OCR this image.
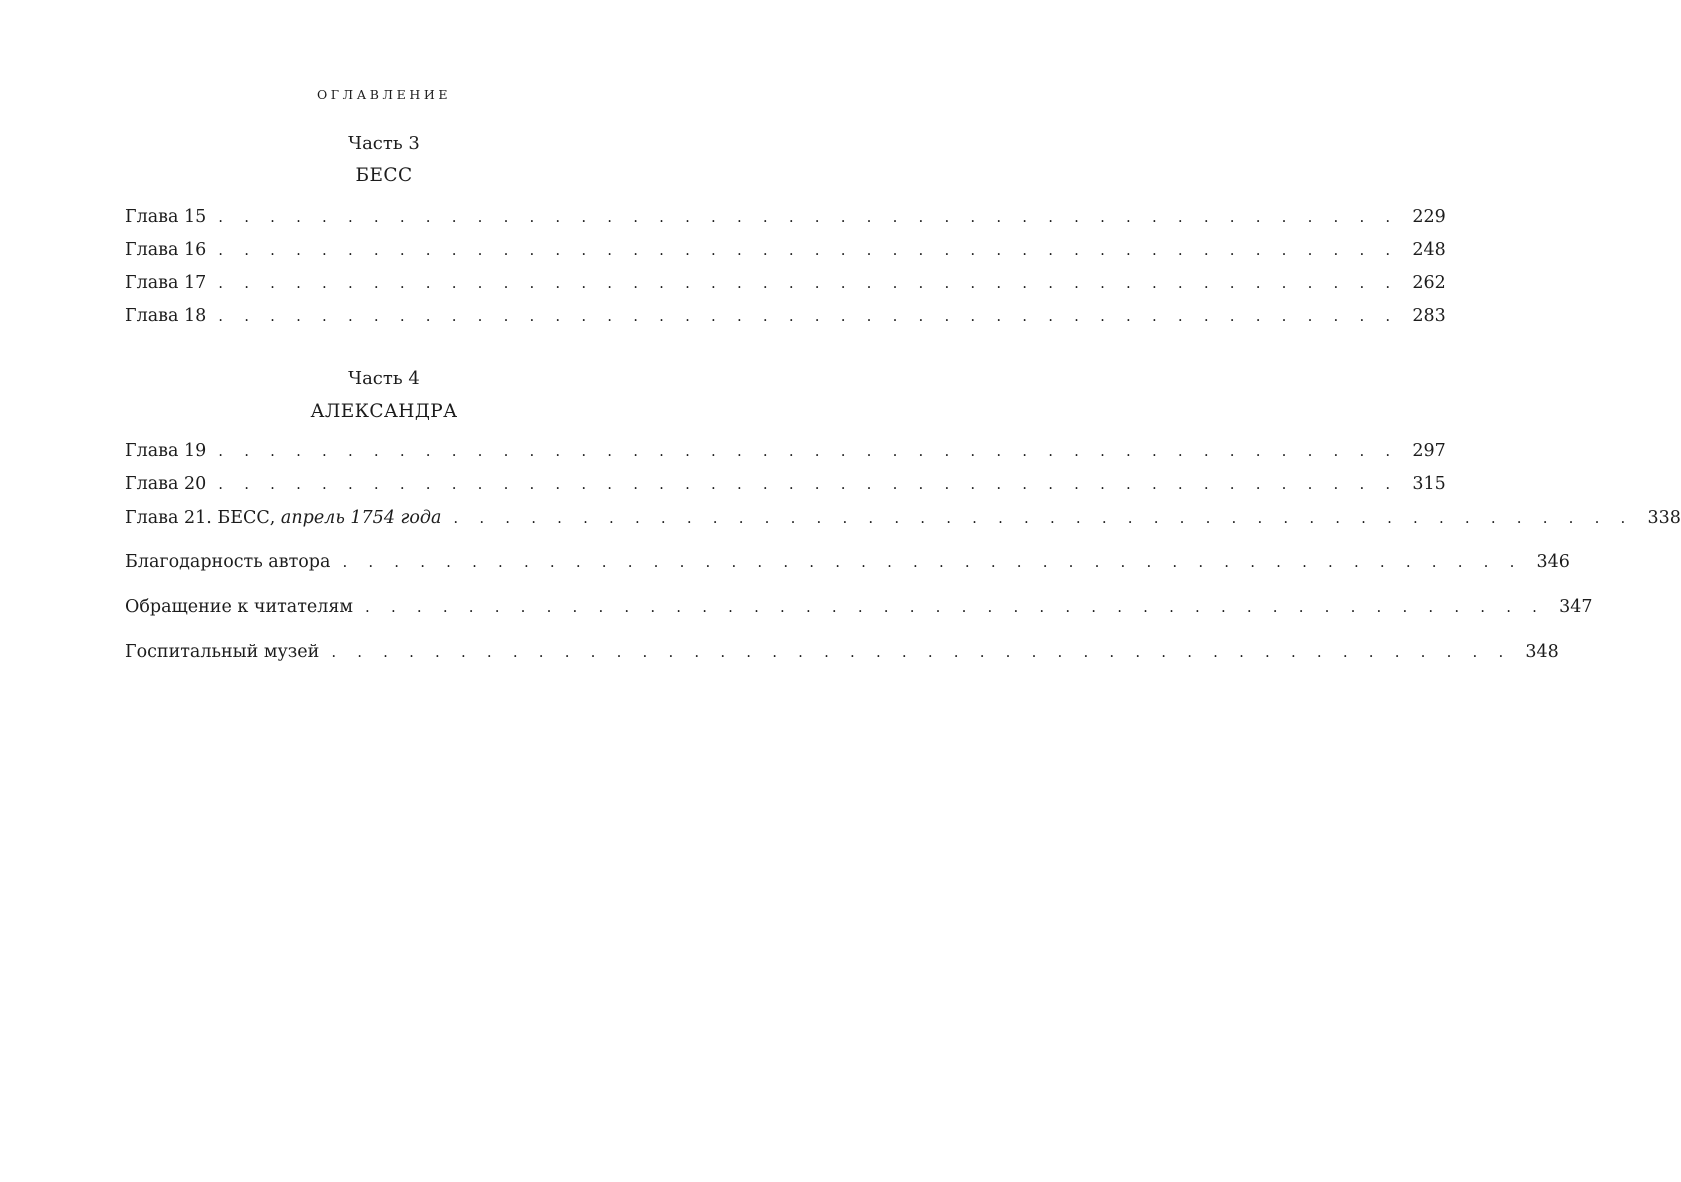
ОГЛАВЛЕНИЕ
Часть 3
БЕСС
Глава 15 . . . . . . . . . . . . . . . . . . . . . . . . . . . . . . . . . . . . . . . . . . . . . . 229
Глава 16 . . . . . . . . . . . . . . . . . . . . . . . . . . . . . . . . . . . . . . . . . . . . . . 248
Глава 17 . . . . . . . . . . . . . . . . . . . . . . . . . . . . . . . . . . . . . . . . . . . . . . 262
Глава 18 . . . . . . . . . . . . . . . . . . . . . . . . . . . . . . . . . . . . . . . . . . . . . . 283
Часть 4
АЛЕКСАНДРА
Глава 19 . . . . . . . . . . . . . . . . . . . . . . . . . . . . . . . . . . . . . . . . . . . . . . 297
Глава 20 . . . . . . . . . . . . . . . . . . . . . . . . . . . . . . . . . . . . . . . . . . . . . . 315
Глава 21. БЕСС, апрель 1754 года . . . . . . . . . . . . . . . . . . . . . . . . . . . . . . . . . . . . . . . . . . . . . . 338
Благодарность автора . . . . . . . . . . . . . . . . . . . . . . . . . . . . . . . . . . . . . . . . . . . . . . 346
Обращение к читателям . . . . . . . . . . . . . . . . . . . . . . . . . . . . . . . . . . . . . . . . . . . . . . 347
Госпитальный музей . . . . . . . . . . . . . . . . . . . . . . . . . . . . . . . . . . . . . . . . . . . . . . 348
